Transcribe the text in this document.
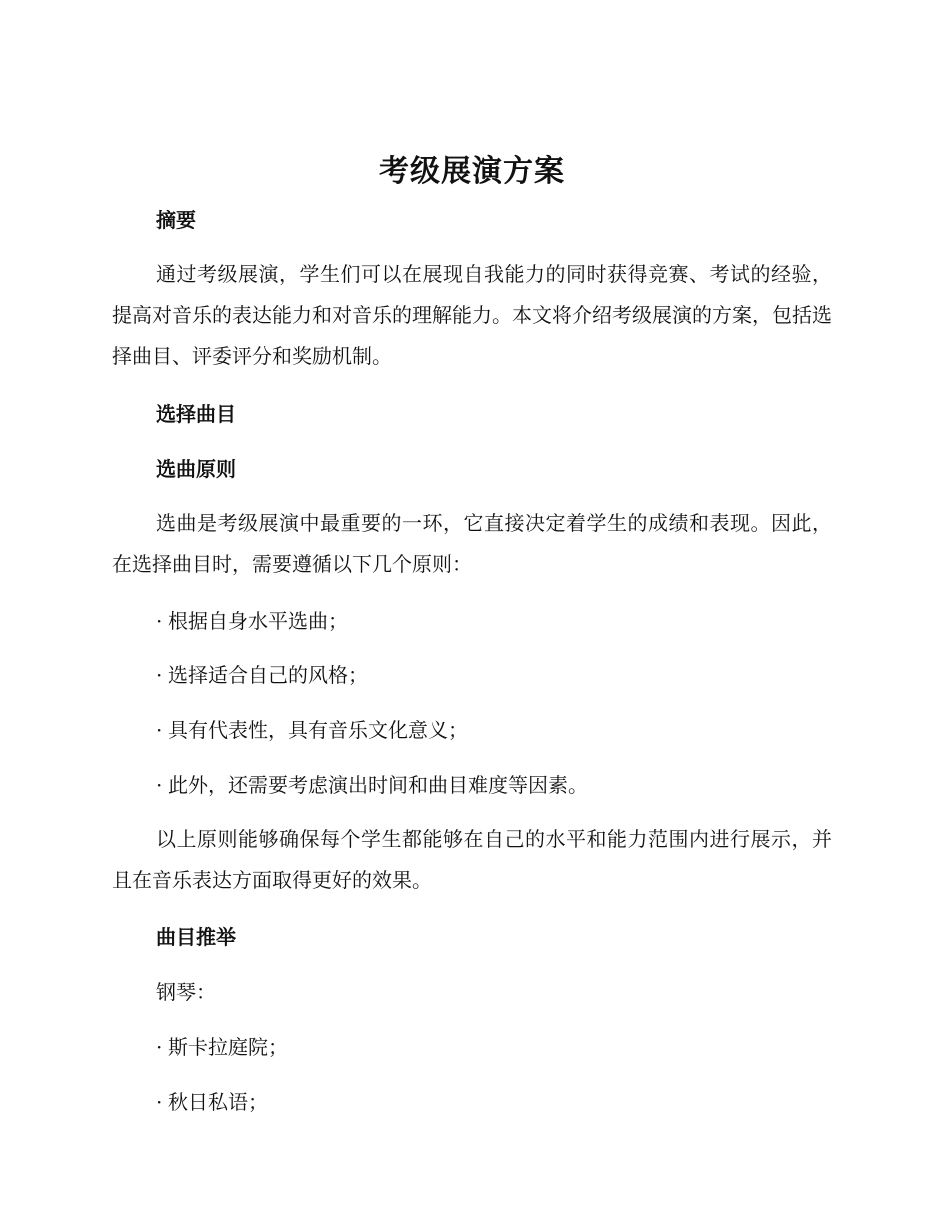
考级展演方案
摘要

通过考级展演，学生们可以在展现自我能力的同时获得竞赛、考试的经验，提高对音乐的表达能力和对音乐的理解能力。本文将介绍考级展演的方案，包括选择曲目、评委评分和奖励机制。

选择曲目
选曲原则

选曲是考级展演中最重要的一环，它直接决定着学生的成绩和表现。因此，在选择曲目时，需要遵循以下几个原则：

· 根据自身水平选曲；

· 选择适合自己的风格；

· 具有代表性，具有音乐文化意义；

· 此外，还需要考虑演出时间和曲目难度等因素。

以上原则能够确保每个学生都能够在自己的水平和能力范围内进行展示，并且在音乐表达方面取得更好的效果。

曲目推举

钢琴：

· 斯卡拉庭院；

· 秋日私语；
